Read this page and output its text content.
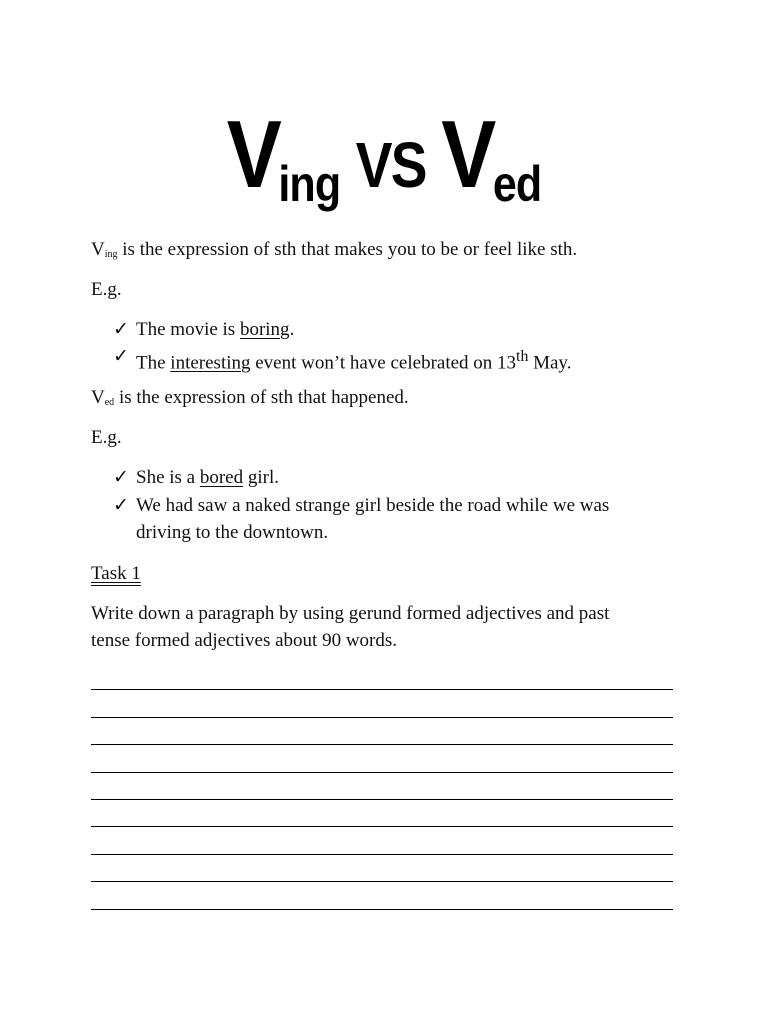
Ving VS Ved
$V_{ing}$ is the expression of sth that makes you to be or feel like sth.
E.g.
✓ The movie is boring.
✓ The interesting event won’t have celebrated on 13th May.
$V_{ed}$ is the expression of sth that happened.
E.g.
✓ She is a bored girl.
✓ We had saw a naked strange girl beside the road while we was
driving to the downtown.
Task 1
Write down a paragraph by using gerund formed adjectives and past
tense formed adjectives about 90 words.
